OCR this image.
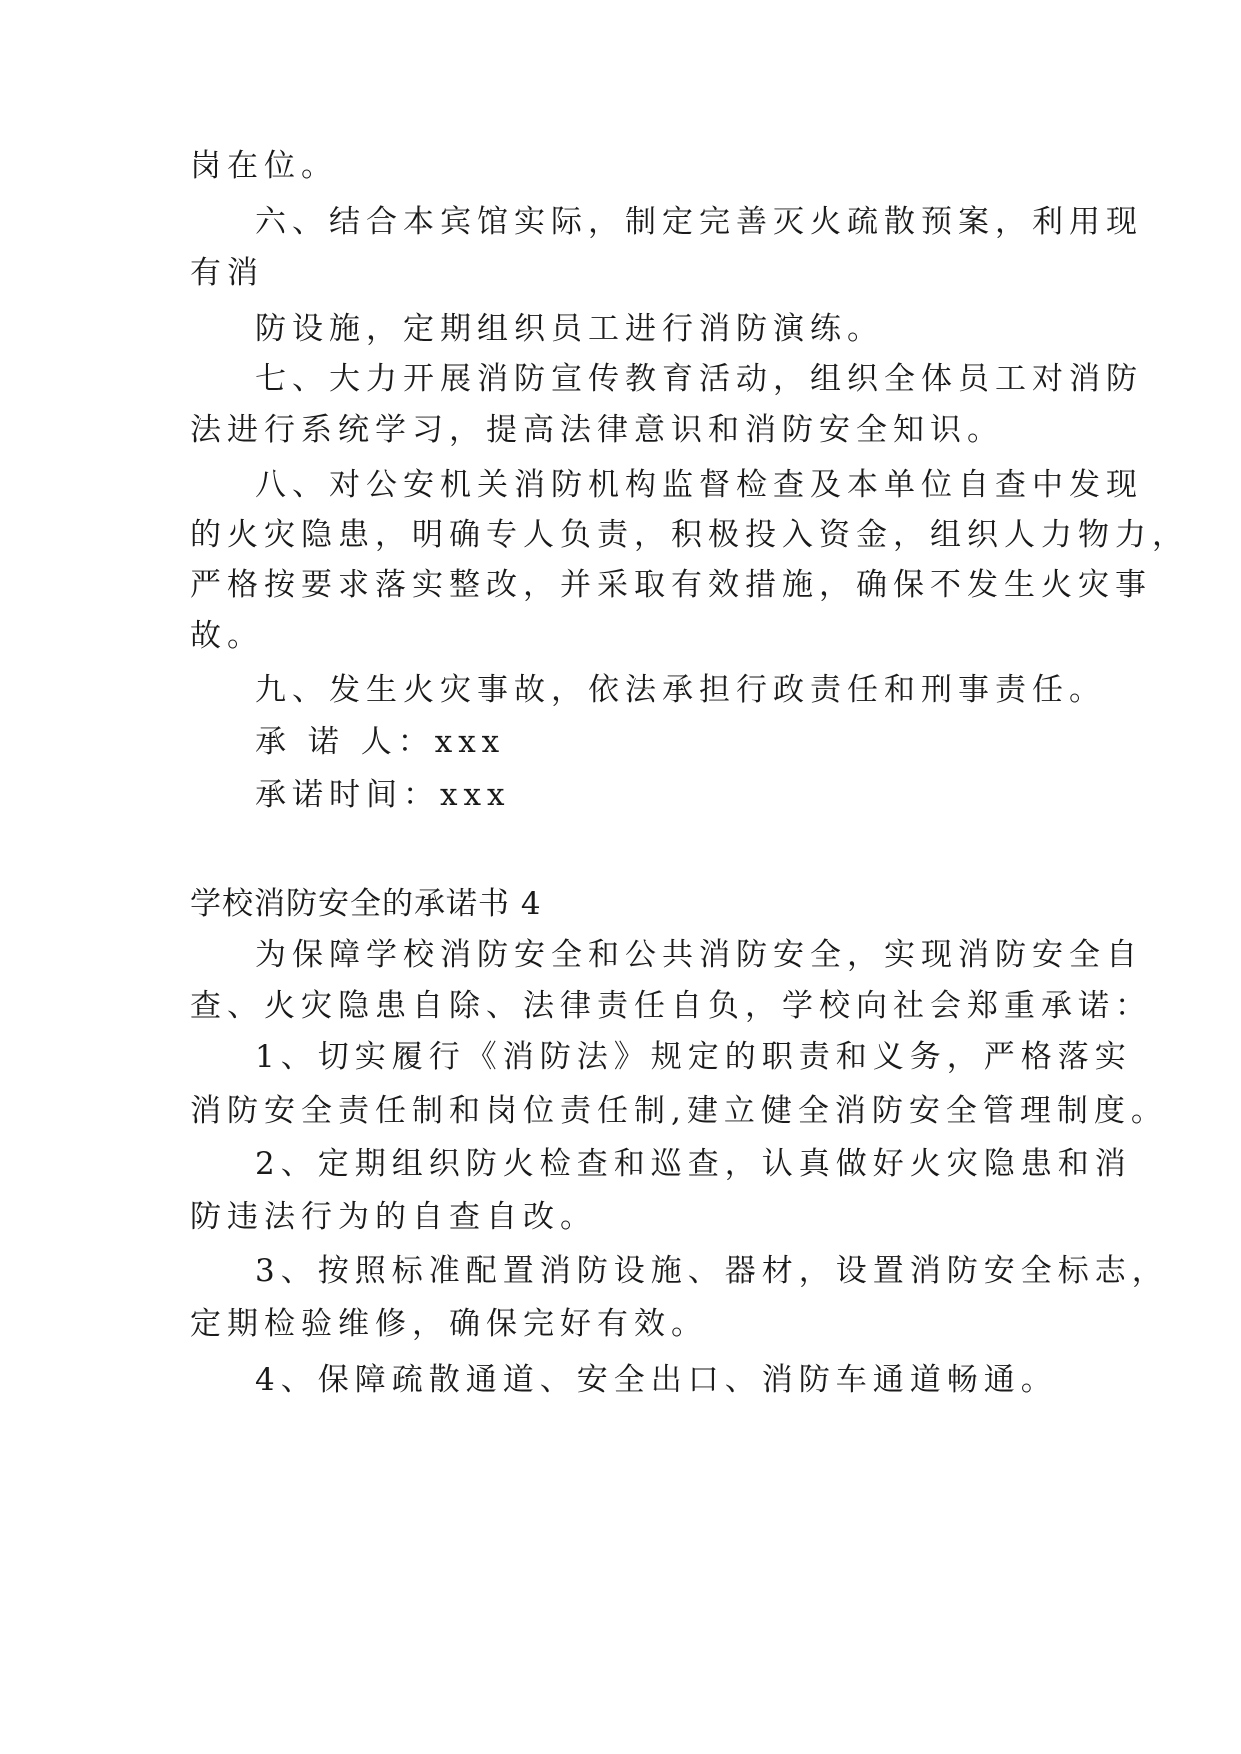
岗在位。

六、结合本宾馆实际，制定完善灭火疏散预案，利用现

有消

防设施，定期组织员工进行消防演练。

七、大力开展消防宣传教育活动，组织全体员工对消防

法进行系统学习，提高法律意识和消防安全知识。

八、对公安机关消防机构监督检查及本单位自查中发现

的火灾隐患，明确专人负责，积极投入资金，组织人力物力，

严格按要求落实整改，并采取有效措施，确保不发生火灾事

故。

九、发生火灾事故，依法承担行政责任和刑事责任。

承 诺 人：xxx

承诺时间：xxx

学校消防安全的承诺书 4

为保障学校消防安全和公共消防安全，实现消防安全自

查、火灾隐患自除、法律责任自负，学校向社会郑重承诺：

1、切实履行《消防法》规定的职责和义务，严格落实

消防安全责任制和岗位责任制,建立健全消防安全管理制度。

2、定期组织防火检查和巡查，认真做好火灾隐患和消

防违法行为的自查自改。

3、按照标准配置消防设施、器材，设置消防安全标志，

定期检验维修，确保完好有效。

4、保障疏散通道、安全出口、消防车通道畅通。
